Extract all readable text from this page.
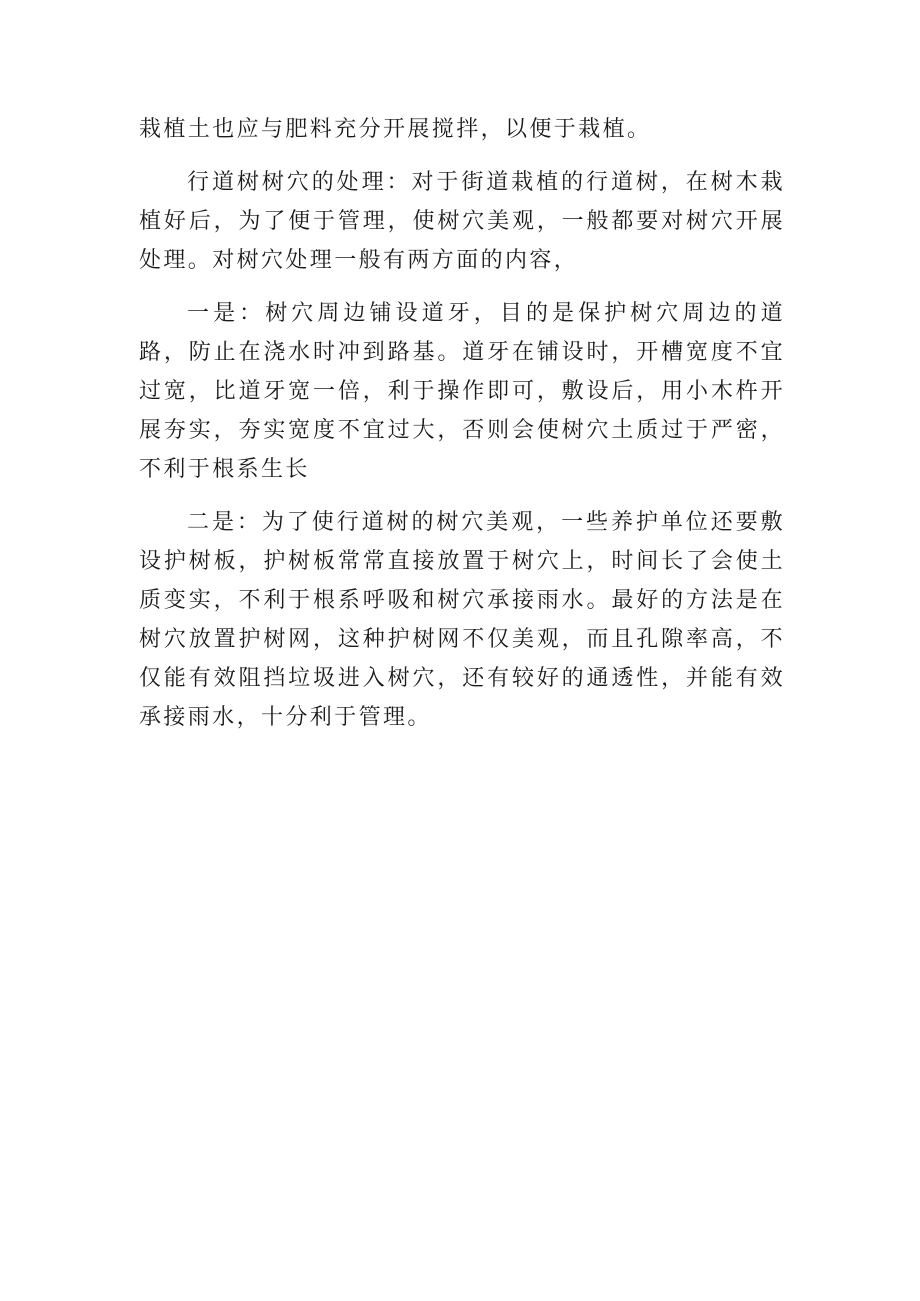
栽植土也应与肥料充分开展搅拌，以便于栽植。

行道树树穴的处理：对于街道栽植的行道树，在树木栽植好后，为了便于管理，使树穴美观，一般都要对树穴开展处理。对树穴处理一般有两方面的内容，

一是：树穴周边铺设道牙，目的是保护树穴周边的道路，防止在浇水时冲到路基。道牙在铺设时，开槽宽度不宜过宽，比道牙宽一倍，利于操作即可，敷设后，用小木杵开展夯实，夯实宽度不宜过大，否则会使树穴土质过于严密，不利于根系生长

二是：为了使行道树的树穴美观，一些养护单位还要敷设护树板，护树板常常直接放置于树穴上，时间长了会使土质变实，不利于根系呼吸和树穴承接雨水。最好的方法是在树穴放置护树网，这种护树网不仅美观，而且孔隙率高，不仅能有效阻挡垃圾进入树穴，还有较好的通透性，并能有效承接雨水，十分利于管理。
